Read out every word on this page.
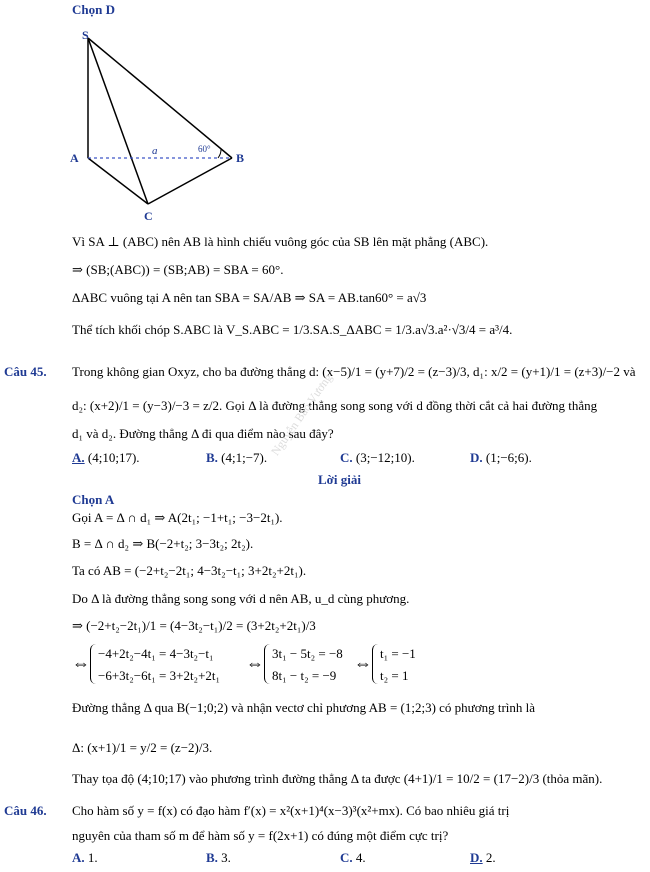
Chọn D
S
A	B
C
a	60°
Vì SA ⊥ (ABC) nên AB là hình chiếu vuông góc của SB lên mặt phẳng (ABC).
⇒ (SB;(ABC)) = (SB;AB) = SBA = 60°.
ΔABC vuông tại A nên tan SBA = SA/AB ⇒ SA = AB.tan60° = a√3
Thể tích khối chóp S.ABC là V_S.ABC = 1/3.SA.S_ΔABC = 1/3.a√3.a²·√3/4 = a³/4.
Câu 45. Trong không gian Oxyz, cho ba đường thẳng d: (x−5)/1 = (y+7)/2 = (z−3)/3, d₁: x/2 = (y+1)/1 = (z+3)/−2 và
d₂: (x+2)/1 = (y−3)/−3 = z/2. Gọi Δ là đường thẳng song song với d đồng thời cắt cả hai đường thẳng
d₁ và d₂. Đường thẳng Δ đi qua điểm nào sau đây?
A. (4;10;17).	B. (4;1;−7).	C. (3;−12;10).	D. (1;−6;6).
Lời giải
Chọn A
Gọi A = Δ ∩ d₁ ⇒ A(2t₁; −1+t₁; −3−2t₁).
B = Δ ∩ d₂ ⇒ B(−2+t₂; 3−3t₂; 2t₂).
Ta có AB = (−2+t₂−2t₁; 4−3t₂−t₁; 3+2t₂+2t₁).
Do Δ là đường thẳng song song với d nên AB, u_d cùng phương.
⇒ (−2+t₂−2t₁)/1 = (4−3t₂−t₁)/2 = (3+2t₂+2t₁)/3
⇔ −4+2t₂−4t₁ = 4−3t₂−t₁
−6+3t₂−6t₁ = 3+2t₂+2t₁
⇔ 3t₁ − 5t₂ = −8
8t₁ − t₂ = −9
⇔ t₁ = −1
t₂ = 1
Đường thẳng Δ qua B(−1;0;2) và nhận vectơ chỉ phương AB = (1;2;3) có phương trình là
Δ: (x+1)/1 = y/2 = (z−2)/3.
Thay tọa độ (4;10;17) vào phương trình đường thẳng Δ ta được (4+1)/1 = 10/2 = (17−2)/3 (thỏa mãn).
Câu 46. Cho hàm số y = f(x) có đạo hàm f′(x) = x²(x+1)⁴(x−3)³(x²+mx). Có bao nhiêu giá trị
nguyên của tham số m để hàm số y = f(2x+1) có đúng một điểm cực trị?
A. 1.	B. 3.	C. 4.	D. 2.
Nguyễn Bảo Vương
